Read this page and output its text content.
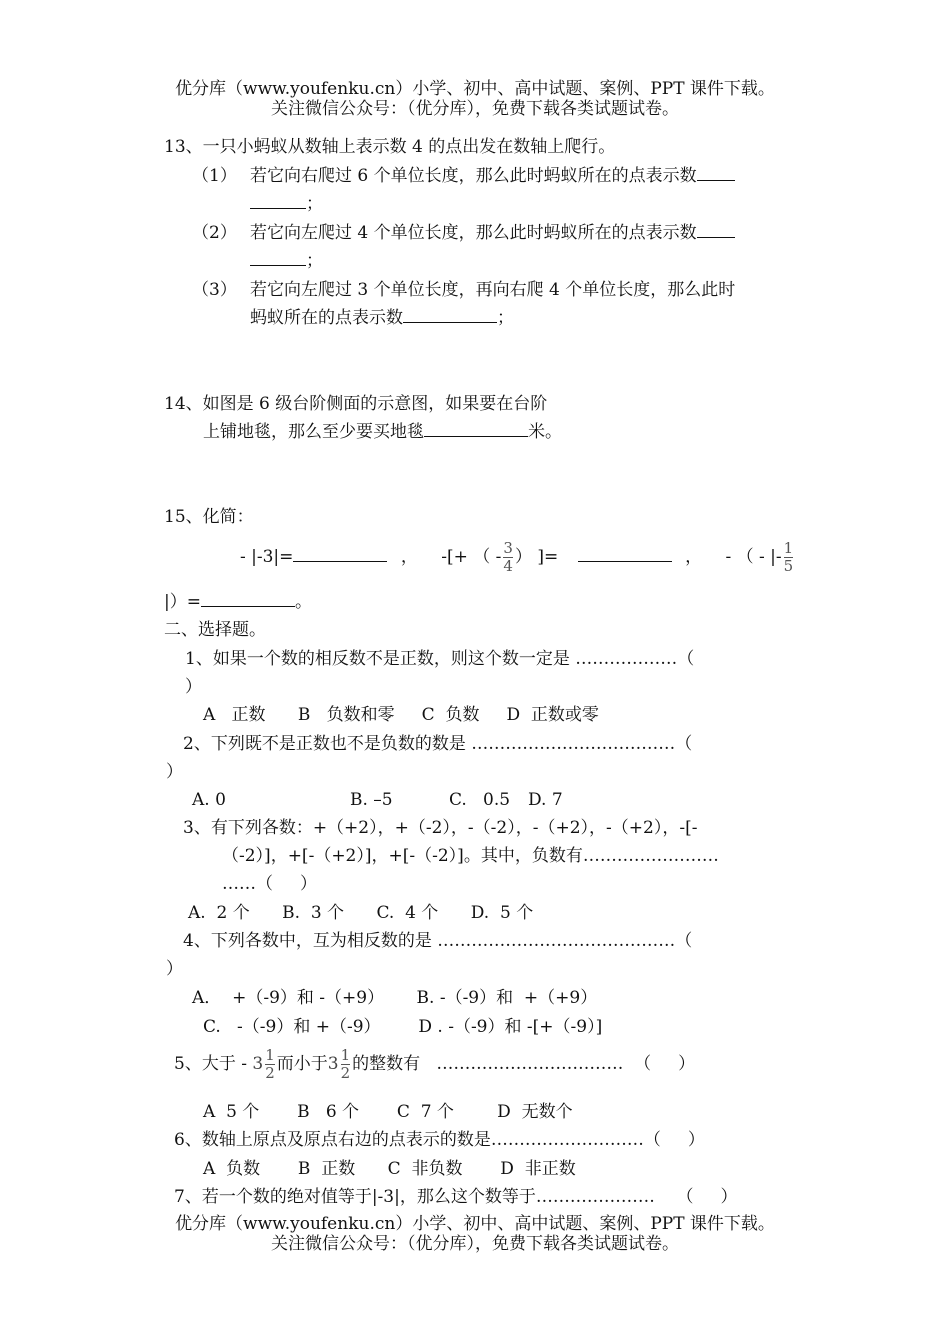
优分库（www.youfenku.cn）小学、初中、高中试题、案例、PPT 课件下载。
关注微信公众号：（优分库），免费下载各类试题试卷。
13、一只小蚂蚁从数轴上表示数 4 的点出发在数轴上爬行。
（1） 若它向右爬过 6 个单位长度，那么此时蚂蚁所在的点表示数
；
（2） 若它向左爬过 4 个单位长度，那么此时蚂蚁所在的点表示数
；
（3） 若它向左爬过 3 个单位长度，再向右爬 4 个单位长度，那么此时
蚂蚁所在的点表示数	；
14、如图是 6 级台阶侧面的示意图，如果要在台阶
上铺地毯，那么至少要买地毯	米。
15、化简：
- |-3|=	， -[+ （ - $\frac{3}{4}$ ） ]=	， - （ - |- $\frac{1}{5}$
|）=	。
二、选择题。
1、如果一个数的相反数不是正数，则这个数一定是 ………………（
）
A   正数      B   负数和零     C  负数     D  正数或零
2、下列既不是正数也不是负数的数是 ………………………………（
）
A. 0	B. –5	C.   0.5 D. 7
3、有下列各数：+（+2），+（-2），-（-2），-（+2），-（+2），-[-
（-2）]，+[-（+2）]，+[-（-2）]。其中，负数有……………………
……（     ）
A.  2 个      B.  3 个      C.  4 个      D.  5 个
4、下列各数中，互为相反数的是 ……………………………………（
）
A．  +（-9）和 -（+9）      B. -（-9）和  +（+9）
C.   -（-9）和 +（-9）       D . -（-9）和 -[+（-9）]
5、大于 - $3 \frac{1}{2}$ 而小于$3 \frac{1}{2}$ 的整数有   ……………………………  （     ）
A  5 个       B   6 个       C  7 个        D  无数个
6、数轴上原点及原点右边的点表示的数是………………………（     ）
A  负数       B  正数      C  非负数       D  非正数
7、若一个数的绝对值等于|-3|，那么这个数等于…………………    （     ）
优分库（www.youfenku.cn）小学、初中、高中试题、案例、PPT 课件下载。
关注微信公众号：（优分库），免费下载各类试题试卷。
